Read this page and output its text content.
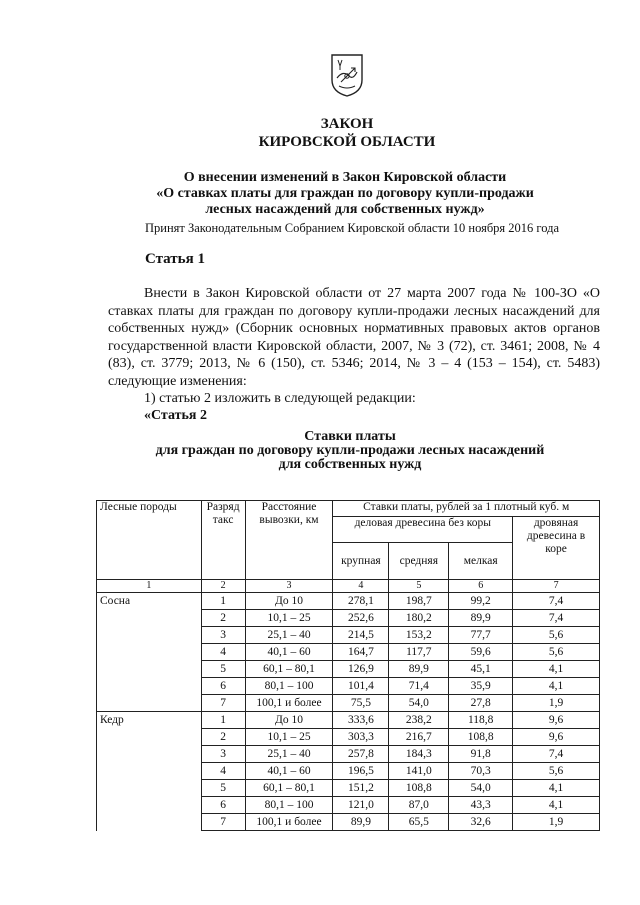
ЗАКОН
КИРОВСКОЙ ОБЛАСТИ
О внесении изменений в Закон Кировской области
«О ставках платы для граждан по договору купли-продажи
лесных насаждений для собственных нужд»
Принят Законодательным Собранием Кировской области 10 ноября 2016 года
Статья 1
Внести в Закон Кировской области от 27 марта 2007 года № 100-ЗО «О ставках платы для граждан по договору купли-продажи лесных насаждений для собственных нужд» (Сборник основных нормативных правовых актов органов государственной власти Кировской области, 2007, № 3 (72), ст. 3461; 2008, № 4 (83), ст. 3779; 2013, № 6 (150), ст. 5346; 2014, № 3 – 4 (153 – 154), ст. 5483) следующие изменения:
1) статью 2 изложить в следующей редакции:
«Статья 2
Ставки платы
для граждан по договору купли-продажи лесных насаждений
для собственных нужд
Лесные породы	Разряд такс	Расстояние вывозки, км	Ставки платы, рублей за 1 плотный куб. м			
			деловая древесина без коры			дровяная древесина в коре
			крупная	средняя	мелкая	
1	2	3	4	5	6	7
Сосна	1	До 10	278,1	198,7	99,2	7,4
	2	10,1 – 25	252,6	180,2	89,9	7,4
	3	25,1 – 40	214,5	153,2	77,7	5,6
	4	40,1 – 60	164,7	117,7	59,6	5,6
	5	60,1 – 80,1	126,9	89,9	45,1	4,1
	6	80,1 – 100	101,4	71,4	35,9	4,1
	7	100,1 и более	75,5	54,0	27,8	1,9
Кедр	1	До 10	333,6	238,2	118,8	9,6
	2	10,1 – 25	303,3	216,7	108,8	9,6
	3	25,1 – 40	257,8	184,3	91,8	7,4
	4	40,1 – 60	196,5	141,0	70,3	5,6
	5	60,1 – 80,1	151,2	108,8	54,0	4,1
	6	80,1 – 100	121,0	87,0	43,3	4,1
	7	100,1 и более	89,9	65,5	32,6	1,9
